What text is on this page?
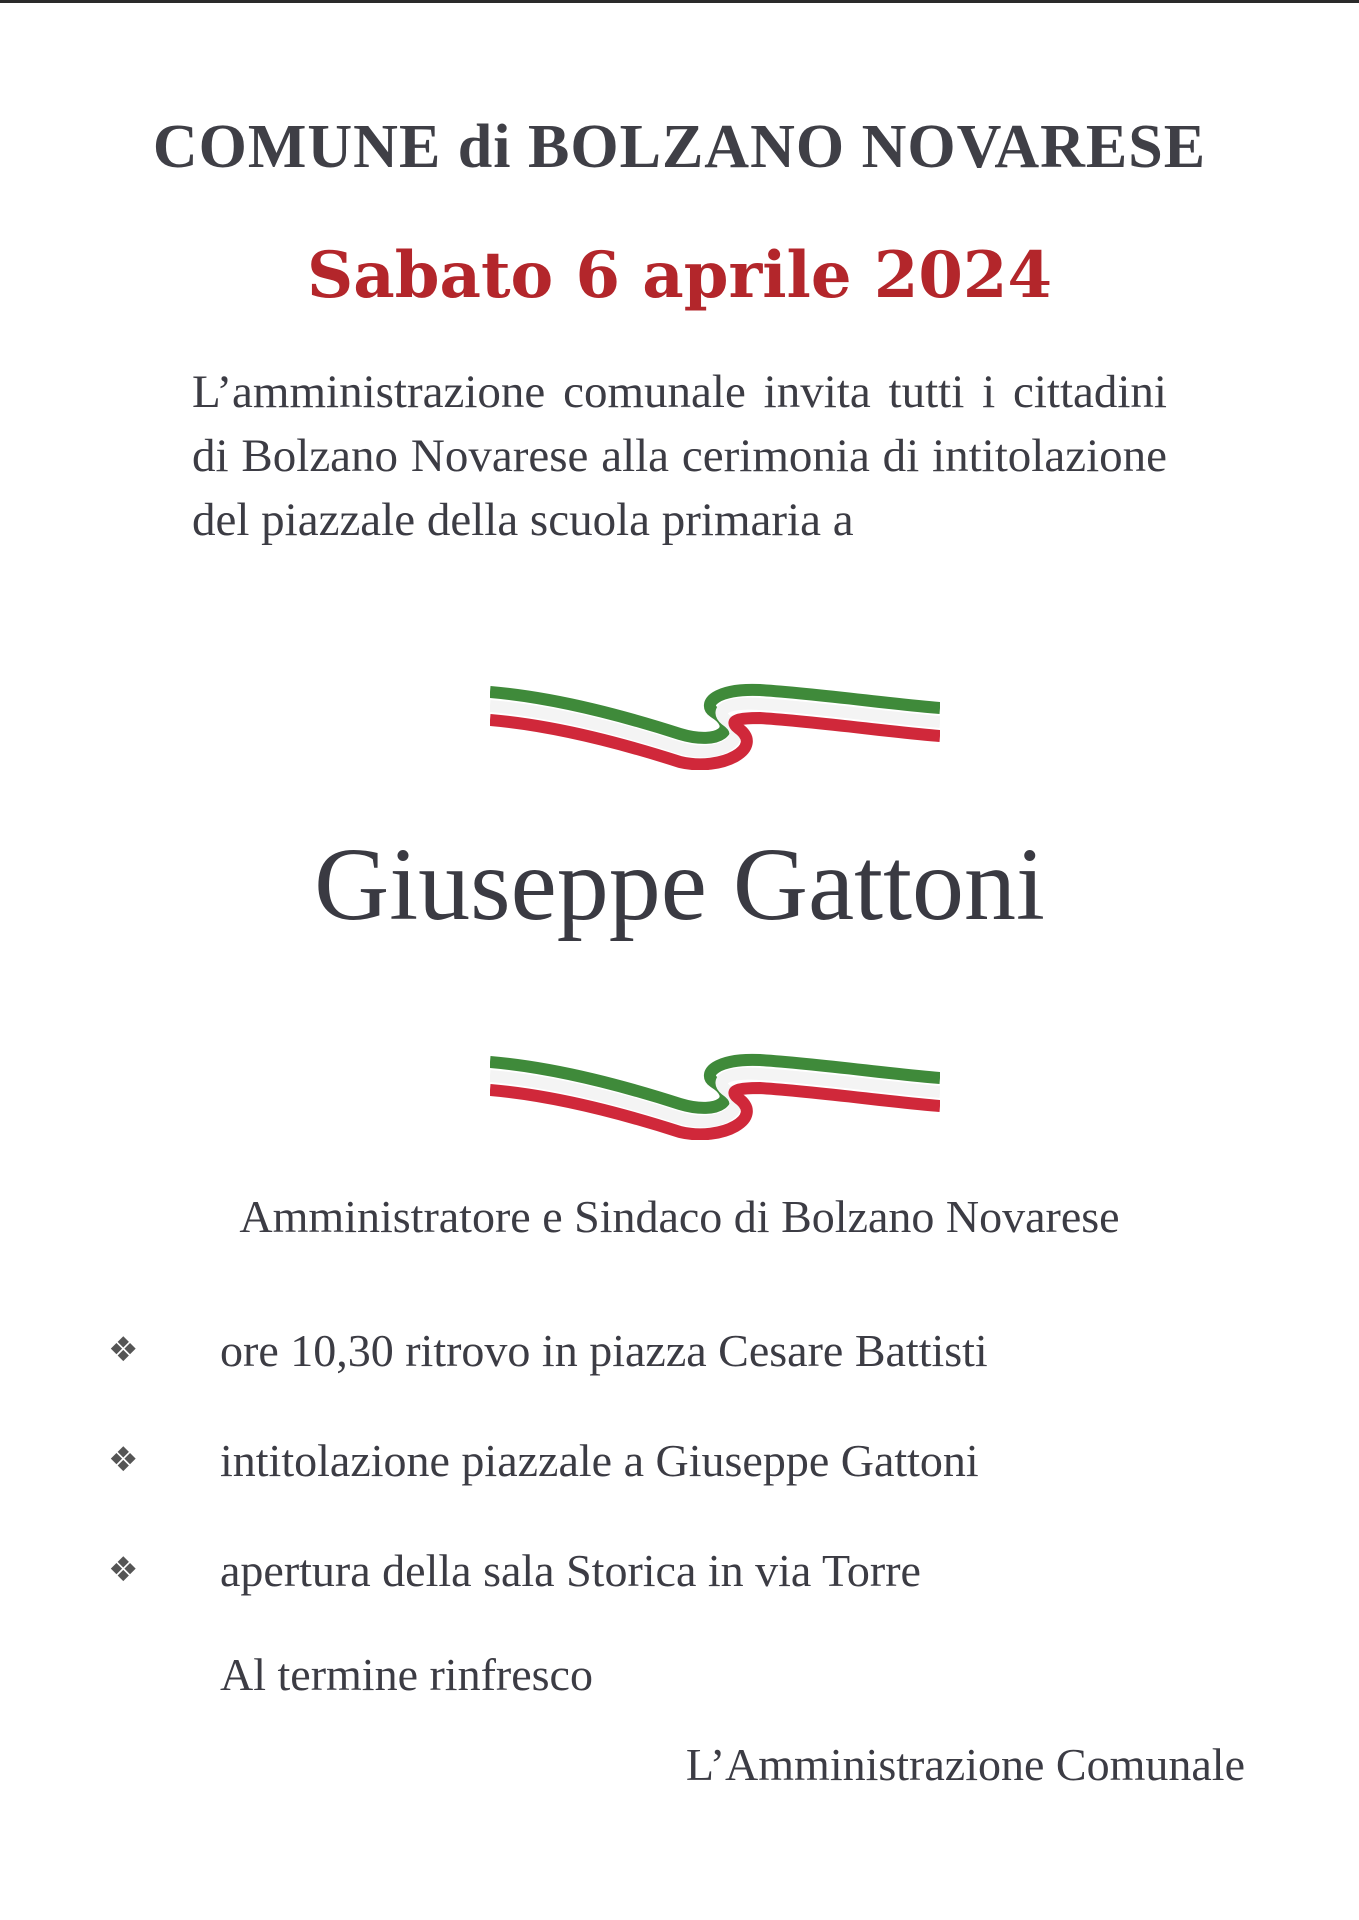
COMUNE di BOLZANO NOVARESE
Sabato 6 aprile 2024
L’amministrazione comunale invita tutti i cittadini di Bolzano Novarese alla cerimonia di intitolazione del piazzale della scuola primaria a
Giuseppe Gattoni
Amministratore e Sindaco di Bolzano Novarese
❖	ore 10,30 ritrovo in piazza Cesare Battisti
❖	intitolazione piazzale a Giuseppe Gattoni
❖	apertura della sala Storica in via Torre
Al termine rinfresco
L’Amministrazione Comunale
